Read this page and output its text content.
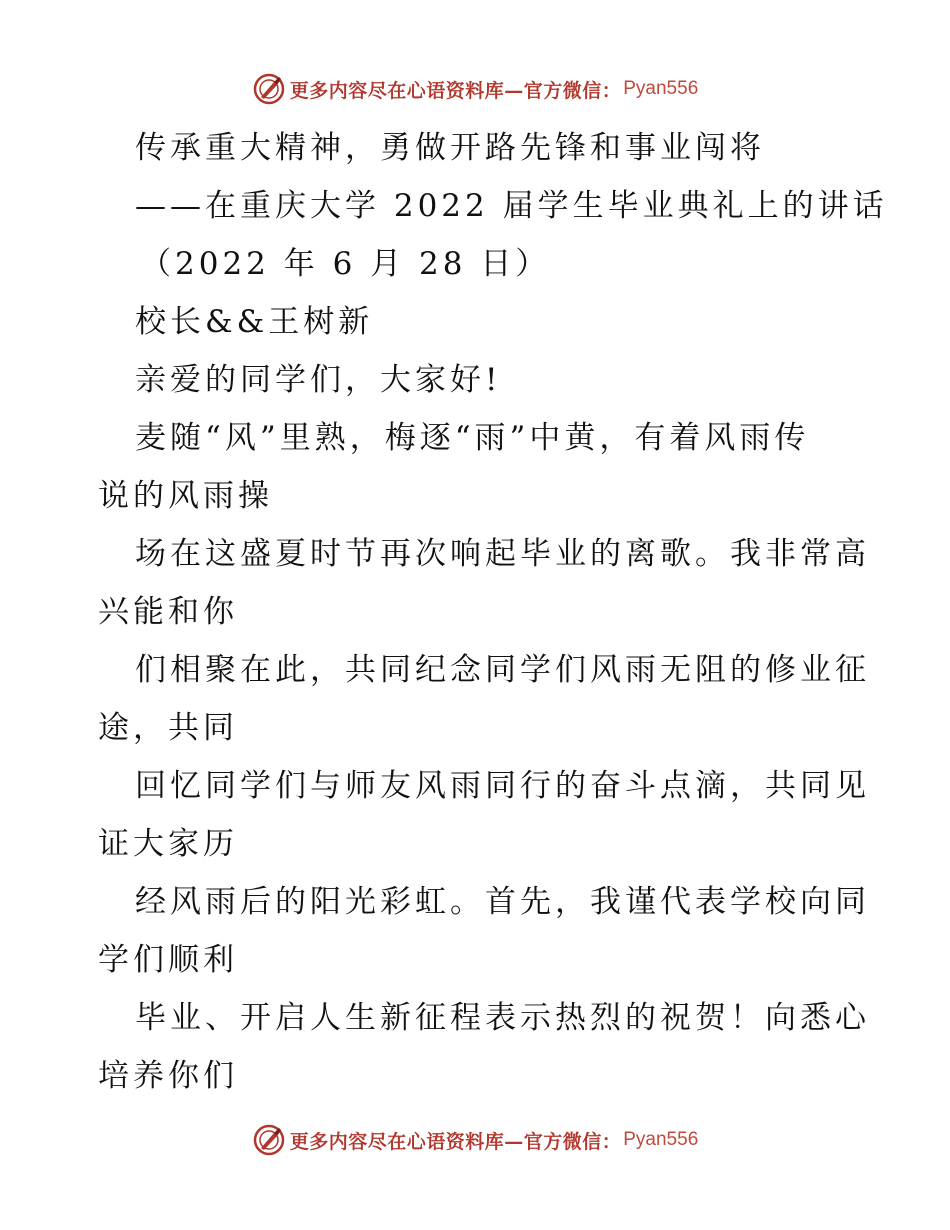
更多内容尽在心语资料库—官方微信： Pyan556
传承重大精神，勇做开路先锋和事业闯将
——在重庆大学 2022 届学生毕业典礼上的讲话
（2022 年 6 月 28 日）
校长&&王树新
亲爱的同学们，大家好!
麦随“风”里熟，梅逐“雨”中黄，有着风雨传
说的风雨操
场在这盛夏时节再次响起毕业的离歌。我非常高
兴能和你
们相聚在此，共同纪念同学们风雨无阻的修业征
途，共同
回忆同学们与师友风雨同行的奋斗点滴，共同见
证大家历
经风雨后的阳光彩虹。首先，我谨代表学校向同
学们顺利
毕业、开启人生新征程表示热烈的祝贺！向悉心
培养你们
更多内容尽在心语资料库—官方微信： Pyan556
